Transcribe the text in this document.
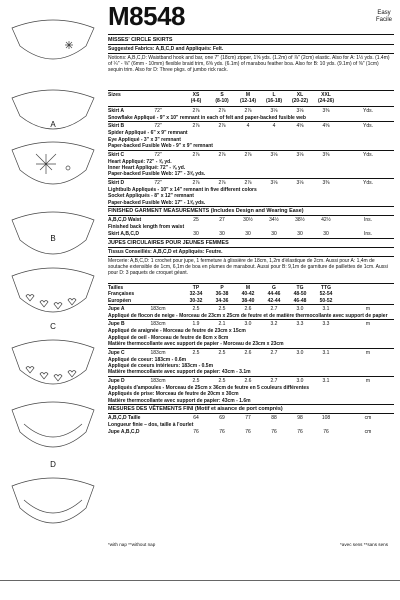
A
B
C
D
M8548	Easy
Facile
MISSES' CIRCLE SKIRTS
Suggested Fabrics: A,B,C,D and Appliqués: Felt.
Notions: A,B,C,D: Waistband hook and bar, one 7" (18cm) zipper, 1⅝ yds. (1.2m) of ⅞" (2cm) elastic. Also for A: 1½ yds. (1.4m) of ¼" - ⅜" (6mm - 10mm) flexible braid trim, 6⅝ yds. (6.1m) of marabou feather boa. Also for B: 10 yds. (9.1m) of ⅜" (1cm) sequin trim. Also for D: Three pkgs. of jumbo rick rack.
Sizes	XS	S	M	L	XL	XXL
(4-6)	(8-10)	(12-14)	(16-18)	(20-22)	(24-26)
Skirt A	72"	2⅞	2⅞	2⅞	3⅛	3⅛	3⅜	Yds.
Snowflake Appliqué - 9" x 10" remnant in each of felt and paper-backed fusible web
Skirt B	72"	2⅞	2⅞	4	4	4⅝	4⅝	Yds.
Spider Appliqué - 6" x 9" remnant
Eye Appliqué - 3" x 3" remnant
Paper-backed Fusible Web - 9" x 9" remnant
Skirt C	72"	2⅞	2⅞	2⅞	3⅛	3⅛	3⅜	Yds.
Heart Appliqué: 72" - ⅝ yd.
Inner Heart Appliqué: 72" - ⅝ yd.
Paper-backed Fusible Web: 17" - 3⅝ yds.
Skirt D	72"	2⅞	2⅞	2⅞	3⅛	3⅛	3⅜	Yds.
Lightbulb Appliqués - 10" x 14" remnant in five different colors
Socket Appliqués - 8" x 12" remnant
Paper-backed Fusible Web: 17" - 1⅝ yds.
FINISHED GARMENT MEASUREMENTS (Includes Design and Wearing Ease)
A,B,C,D Waist	25	27	30½	34½	38½	42½	Ins.
Finished back length from waist
Skirt A,B,C,D	30	30	30	30	30	30	Ins.
JUPES CIRCULAIRES POUR JEUNES FEMMES
Tissus Conseillés: A,B,C,D et Appliqués: Feutre.
Mercerie: A,B,C,D: 1 crochet pour jupe, 1 fermeture à glissière de 18cm, 1,2m d'élastique de 2cm. Aussi pour A: 1,4m de soutache extensible de 1cm, 6,1m de boa en plumes de marabout. Aussi pour B: 9,1m de garniture de paillettes de 1cm. Aussi pour D: 3 paquets de croquet géant.
Tailles	TP	P	M	G	TG	TTG
Françaises	32-34	36-38	40-42	44-46	48-50	52-54
Européen	30-32	34-36	38-40	42-44	46-48	50-52
Jupe A	183cm	2.5	2.5	2.6	2.7	3.0	3.1	m
Appliqué de flocon de neige - Morceau de 23cm x 25cm de feutre et de matière thermocollante avec support de papier
Jupe B	183cm	1.9	2.1	3.0	3.2	3.3	3.3	m
Appliqué de araignée - Morceau de feutre de 23cm x 15cm
Appliqué de oeil - Morceau de feutre de 8cm x 8cm
Matière thermocollante avec support de papier - Morceau de 23cm x 23cm
Jupe C	183cm	2.5	2.5	2.6	2.7	3.0	3.1	m
Appliqué de coeur: 183cm - 0.6m
Appliqué de coeurs intérieurs: 183cm - 0.5m
Matière thermocollante avec support de papier: 43cm - 3.1m
Jupe D	183cm	2.5	2.5	2.6	2.7	3.0	3.1	m
Appliqués d'ampoules - Morceau de 25cm x 36cm de feutre en 5 couleurs différentes
Appliqués de prise: Morceau de feutre de 20cm x 30cm
Matière thermocollante avec support de papier: 43cm - 1.6m
MESURES DES VÊTEMENTS FINI (Motif et aisance de port comprés)
A,B,C,D Taille	64	69	77	88	98	108	cm
Longueur finie – dos, taille à l'ourlet
Jupe A,B,C,D	76	76	76	76	76	76	cm
*with nap **without nap	*avec sens **sans sens
